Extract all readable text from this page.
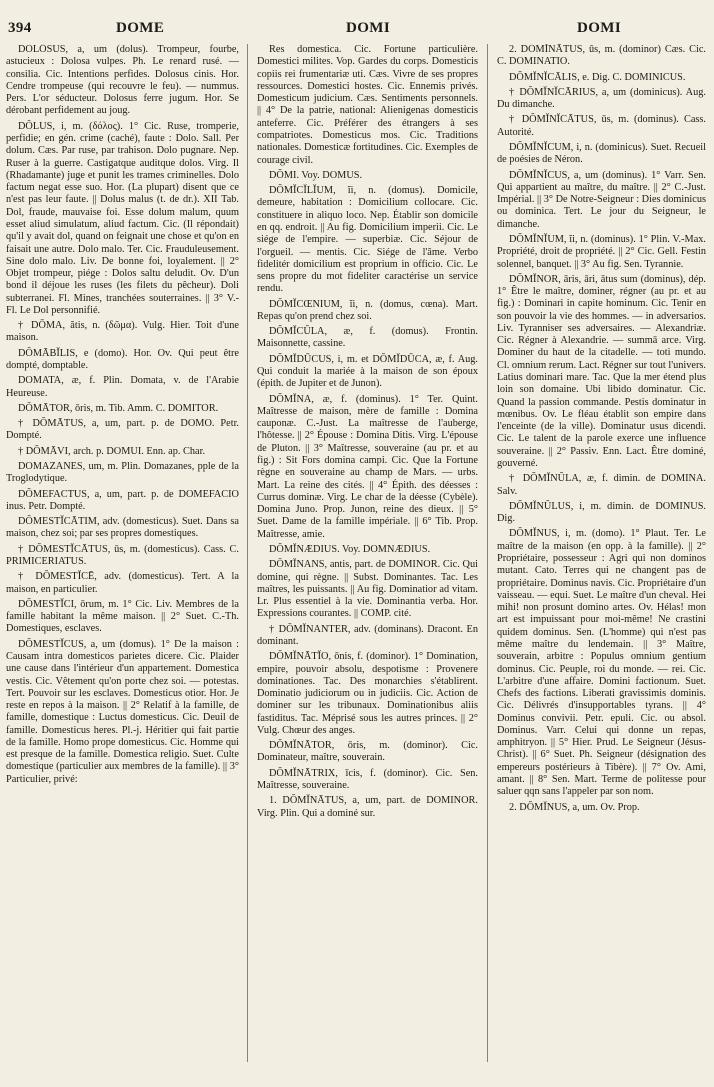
394	DOME	DOMI	DOMI

DŎLŌSUS, a, um (dolus). Trompeur, fourbe, astucieux : Dolosa vulpes. Ph. Le renard rusé. — consilia. Cic. Intentions perfides. Dolosus cinis. Hor. Cendre trompeuse (qui recouvre le feu). — nummus. Pers. L'or séducteur. Dolosus ferre jugum. Hor. Se dérobant perfidement au joug.

DŎLUS, i, m. (δόλος). 1° Cic. Ruse, tromperie, perfidie; en gén. crime (caché), faute : Dolo. Sall. Per dolum. Cæs. Par ruse, par trahison. Dolo pugnare. Nep. Ruser à la guerre. Castigatque auditque dolos. Virg. Il (Rhadamante) juge et punit les trames criminelles. Dolo factum negat esse suo. Hor. (La plupart) disent que ce n'est pas leur faute. || Dolus malus (t. de dr.). XII Tab. Dol, fraude, mauvaise foi. Esse dolum malum, quum esset aliud simulatum, aliud factum. Cic. (Il répondait) qu'il y avait dol, quand on feignait une chose et qu'on en faisait une autre. Dolo malo. Ter. Cic. Frauduleusement. Sine dolo malo. Liv. De bonne foi, loyalement. || 2° Objet trompeur, piége : Dolos saltu deludit. Ov. D'un bond il déjoue les ruses (les filets du pêcheur). Doli subterranei. Fl. Mines, tranchées souterraines. || 3° V.-Fl. Le Dol personnifié.

† DŌMA, ătis, n. (δῶμα). Vulg. Hier. Toit d'une maison.

DŎMĀBĬLIS, e (domo). Hor. Ov. Qui peut être dompté, domptable.

DOMATA, æ, f. Plin. Domata, v. de l'Arabie Heureuse.

DŎMĀTOR, ōris, m. Tib. Amm. C. DOMITOR.

† DŎMĀTUS, a, um, part. p. de DOMO. Petr. Dompté.

† DŎMĀVI, arch. p. DOMUI. Enn. ap. Char.

DOMAZANES, um, m. Plin. Domazanes, pple de la Troglodytique.

DŎMEFACTUS, a, um, part. p. de DOMEFACIO inus. Petr. Dompté.

DŎMESTĬCĀTIM, adv. (domesticus). Suet. Dans sa maison, chez soi; par ses propres domestiques.

† DŎMESTĬCĀTUS, ūs, m. (domesticus). Cass. C. PRIMICERIATUS.

† DŎMESTĬCĒ, adv. (domesticus). Tert. A la maison, en particulier.

DŎMESTĬCI, ōrum, m. 1° Cic. Liv. Membres de la famille habitant la même maison. || 2° Suet. C.-Th. Domestiques, esclaves.

DŎMESTĬCUS, a, um (domus). 1° De la maison : Causam intra domesticos parietes dicere. Cic. Plaider une cause dans l'intérieur d'un appartement. Domestica vestis. Cic. Vêtement qu'on porte chez soi. — potestas. Tert. Pouvoir sur les esclaves. Domesticus otior. Hor. Je reste en repos à la maison. || 2° Relatif à la famille, de famille, domestique : Luctus domesticus. Cic. Deuil de famille. Domesticus heres. Pl.-j. Héritier qui fait partie de la famille. Homo prope domesticus. Cic. Homme qui est presque de la famille. Domestica religio. Suet. Culte domestique (particulier aux membres de la famille). || 3° Particulier, privé:

Res domestica. Cic. Fortune particulière. Domestici milites. Vop. Gardes du corps. Domesticis copiis rei frumentariæ uti. Cæs. Vivre de ses propres ressources. Domestici hostes. Cic. Ennemis privés. Domesticum judicium. Cæs. Sentiments personnels. || 4° De la patrie, national: Alienigenas domesticis anteferre. Cic. Préférer des étrangers à ses compatriotes. Domesticus mos. Cic. Traditions nationales. Domesticæ fortitudines. Cic. Exemples de courage civil.

DŎMI. Voy. DOMUS.

DŎMĬCĬLĬUM, ĭi, n. (domus). Domicile, demeure, habitation : Domicilium collocare. Cic. constituere in aliquo loco. Nep. Établir son domicile en qq. endroit. || Au fig. Domicilium imperii. Cic. Le siége de l'empire. — superbiæ. Cic. Séjour de l'orgueil. — mentis. Cic. Siége de l'âme. Verbo fidelitér domicilium est proprium in officio. Cic. Le sens propre du mot fideliter caractérise un service rendu.

DŎMĬCŒNIUM, ĭi, n. (domus, cœna). Mart. Repas qu'on prend chez soi.

DŎMĬCŬLA, æ, f. (domus). Frontin. Maisonnette, cassine.

DŎMĬDŪCUS, i, m. et DŎMĬDŪCA, æ, f. Aug. Qui conduit la mariée à la maison de son époux (épith. de Jupiter et de Junon).

DŎMĬNA, æ, f. (dominus). 1° Ter. Quint. Maîtresse de maison, mère de famille : Domina cauponæ. C.-Just. La maîtresse de l'auberge, l'hôtesse. || 2° Épouse : Domina Ditis. Virg. L'épouse de Pluton. || 3° Maîtresse, souveraine (au pr. et au fig.) : Sit Fors domina campi. Cic. Que la Fortune règne en souveraine au champ de Mars. — urbs. Mart. La reine des cités. || 4° Épith. des déesses : Currus dominæ. Virg. Le char de la déesse (Cybèle). Domina Juno. Prop. Junon, reine des dieux. || 5° Suet. Dame de la famille impériale. || 6° Tib. Prop. Maîtresse, amie.

DŎMĬNÆDIUS. Voy. DOMNÆDIUS.

DŎMĬNANS, antis, part. de DOMINOR. Cic. Qui domine, qui règne. || Subst. Dominantes. Tac. Les maîtres, les puissants. || Au fig. Dominatior ad vitam. Lr. Plus essentiel à la vie. Dominantia verba. Hor. Expressions courantes. || COMP. cité.

† DŎMĬNANTER, adv. (dominans). Dracont. En dominant.

DŎMĬNĀTĬO, ōnis, f. (dominor). 1° Domination, empire, pouvoir absolu, despotisme : Provenere dominationes. Tac. Des monarchies s'établirent. Dominatio judiciorum ou in judiciis. Cic. Action de dominer sur les tribunaux. Dominationibus aliis fastiditus. Tac. Méprisé sous les autres princes. || 2° Vulg. Chœur des anges.

DŎMĬNĀTOR, ōris, m. (dominor). Cic. Dominateur, maître, souverain.

DŎMĬNĀTRIX, īcis, f. (dominor). Cic. Sen. Maîtresse, souveraine.

1. DŎMĬNĀTUS, a, um, part. de DOMINOR. Virg. Plin. Qui a dominé sur.

2. DŎMĬNĀTUS, ūs, m. (dominor) Cæs. Cic. C. DOMINATIO.

DŎMĬNĬCĀLIS, e. Dig. C. DOMINICUS.

† DŎMĬNĬCĀRIUS, a, um (dominicus). Aug. Du dimanche.

† DŎMĬNĬCĀTUS, ūs, m. (dominus). Cass. Autorité.

DŎMĬNĬCUM, i, n. (dominicus). Suet. Recueil de poésies de Néron.

DŎMĬNĬCUS, a, um (dominus). 1° Varr. Sen. Qui appartient au maître, du maître. || 2° C.-Just. Impérial. || 3° De Notre-Seigneur : Dies dominicus ou dominica. Tert. Le jour du Seigneur, le dimanche.

DŎMĬNĬUM, ĭi, n. (dominus). 1° Plin. V.-Max. Propriété, droit de propriété. || 2° Cic. Gell. Festin solennel, banquet. || 3° Au fig. Sen. Tyrannie.

DŎMĬNOR, āris, āri, ātus sum (dominus), dép. 1° Être le maître, dominer, régner (au pr. et au fig.) : Dominari in capite hominum. Cic. Tenir en son pouvoir la vie des hommes. — in adversarios. Liv. Tyranniser ses adversaires. — Alexandriæ. Cic. Régner à Alexandrie. — summā arce. Virg. Dominer du haut de la citadelle. — toti mundo. Cl. omnium rerum. Lact. Régner sur tout l'univers. Latius dominari mare. Tac. Que la mer étend plus loin son domaine. Ubi libido dominatur. Cic. Quand la passion commande. Pestis dominatur in mœnibus. Ov. Le fléau établit son empire dans l'enceinte (de la ville). Dominatur usus dicendi. Cic. Le talent de la parole exerce une influence souveraine. || 2° Passiv. Enn. Lact. Être dominé, gouverné.

† DŎMĬNŬLA, æ, f. dimin. de DOMINA. Salv.

DŎMĬNŬLUS, i, m. dimin. de DOMINUS. Dig.

DŎMĬNUS, i, m. (domo). 1° Plaut. Ter. Le maître de la maison (en opp. à la famille). || 2° Propriétaire, possesseur : Agri qui non dominos mutant. Cato. Terres qui ne changent pas de propriétaire. Dominus navis. Cic. Propriétaire d'un vaisseau. — equi. Suet. Le maître d'un cheval. Hei mihi! non prosunt domino artes. Ov. Hélas! mon art est impuissant pour moi-même! Ne crastini quidem dominus. Sen. (L'homme) qui n'est pas même maître du lendemain. || 3° Maître, souverain, arbitre : Populus omnium gentium dominus. Cic. Peuple, roi du monde. — rei. Cic. L'arbitre d'une affaire. Domini factionum. Suet. Chefs des factions. Liberati gravissimis dominis. Cic. Délivrés d'insupportables tyrans. || 4° Dominus convivii. Petr. epuli. Cic. ou absol. Dominus. Varr. Celui qui donne un repas, amphitryon. || 5° Hier. Prud. Le Seigneur (Jésus-Christ). || 6° Suet. Ph. Seigneur (désignation des empereurs postérieurs à Tibère). || 7° Ov. Ami, amant. || 8° Sen. Mart. Terme de politesse pour saluer qqn sans l'appeler par son nom.

2. DŎMĬNUS, a, um. Ov. Prop.
